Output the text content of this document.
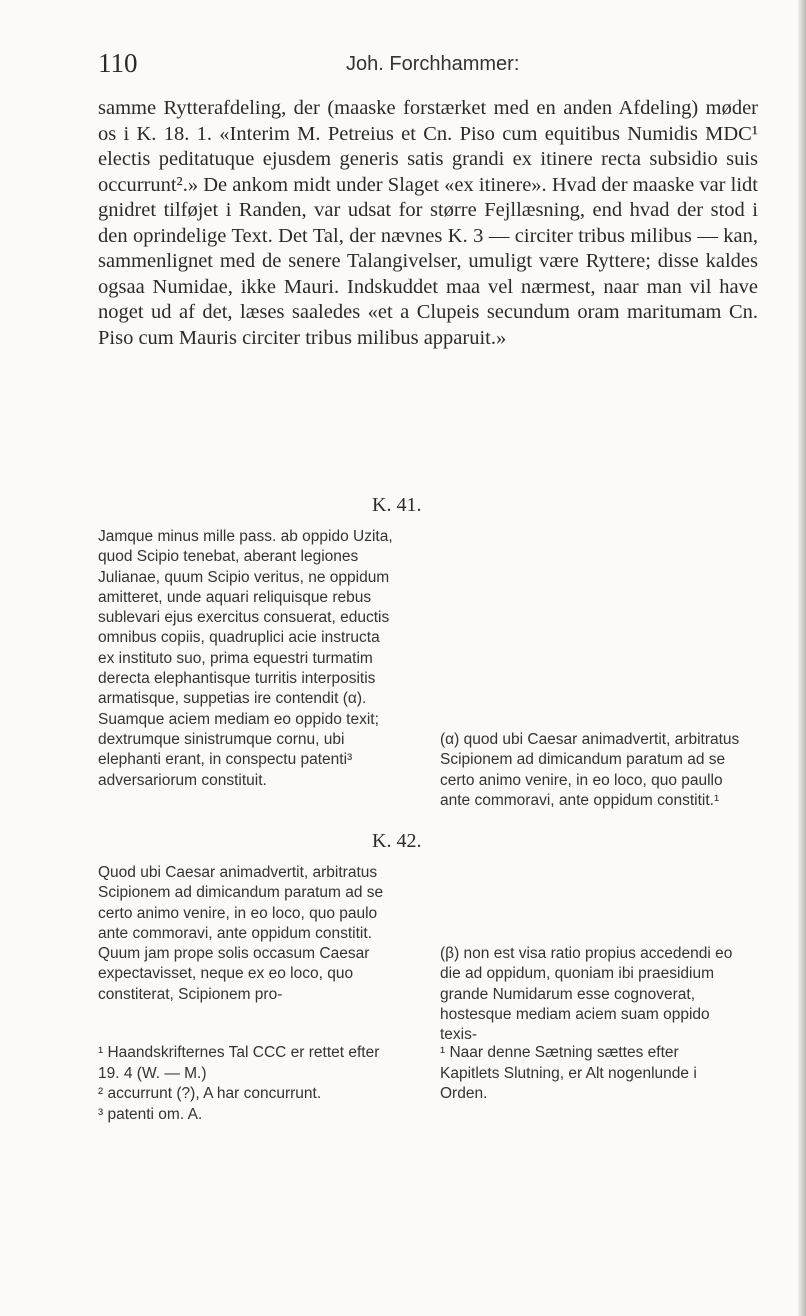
110	Joh. Forchhammer:

samme Rytterafdeling, der (maaske forstærket med en anden Afdeling) møder os i K. 18. 1. «Interim M. Petreius et Cn. Piso cum equitibus Numidis MDC¹ electis peditatuque ejusdem generis satis grandi ex itinere recta subsidio suis occurrunt².» De ankom midt under Slaget «ex itinere». Hvad der maaske var lidt gnidret tilføjet i Randen, var udsat for større Fejllæsning, end hvad der stod i den oprindelige Text. Det Tal, der nævnes K. 3 — circiter tribus milibus — kan, sammenlignet med de senere Talangivelser, umuligt være Ryttere; disse kaldes ogsaa Numidae, ikke Mauri. Indskuddet maa vel nærmest, naar man vil have noget ud af det, læses saaledes «et a Clupeis secundum oram maritumam Cn. Piso cum Mauris circiter tribus milibus apparuit.»

K. 41.

Jamque minus mille pass. ab oppido Uzita, quod Scipio tenebat, aberant legiones Julianae, quum Scipio veritus, ne oppidum amitteret, unde aquari reliquisque rebus sublevari ejus exercitus consuerat, eductis omnibus copiis, quadruplici acie instructa ex instituto suo, prima equestri turmatim derecta elephantisque turritis interpositis armatisque, suppetias ire contendit (α). Suamque aciem mediam eo oppido texit; dextrumque sinistrumque cornu, ubi elephanti erant, in conspectu patenti³ adversariorum constituit.

(α) quod ubi Caesar animadvertit, arbitratus Scipionem ad dimicandum paratum ad se certo animo venire, in eo loco, quo paullo ante commoravi, ante oppidum constitit.¹

K. 42.

Quod ubi Caesar animadvertit, arbitratus Scipionem ad dimicandum paratum ad se certo animo venire, in eo loco, quo paulo ante commoravi, ante oppidum constitit. Quum jam prope solis occasum Caesar expectavisset, neque ex eo loco, quo constiterat, Scipionem pro-

(β) non est visa ratio propius accedendi eo die ad oppidum, quoniam ibi praesidium grande Numidarum esse cognoverat, hostesque mediam aciem suam oppido texis-

¹ Haandskrifternes Tal CCC er rettet efter 19. 4 (W. — M.)
² accurrunt (?), A har concurrunt.
³ patenti om. A.
¹ Naar denne Sætning sættes efter Kapitlets Slutning, er Alt nogenlunde i Orden.
